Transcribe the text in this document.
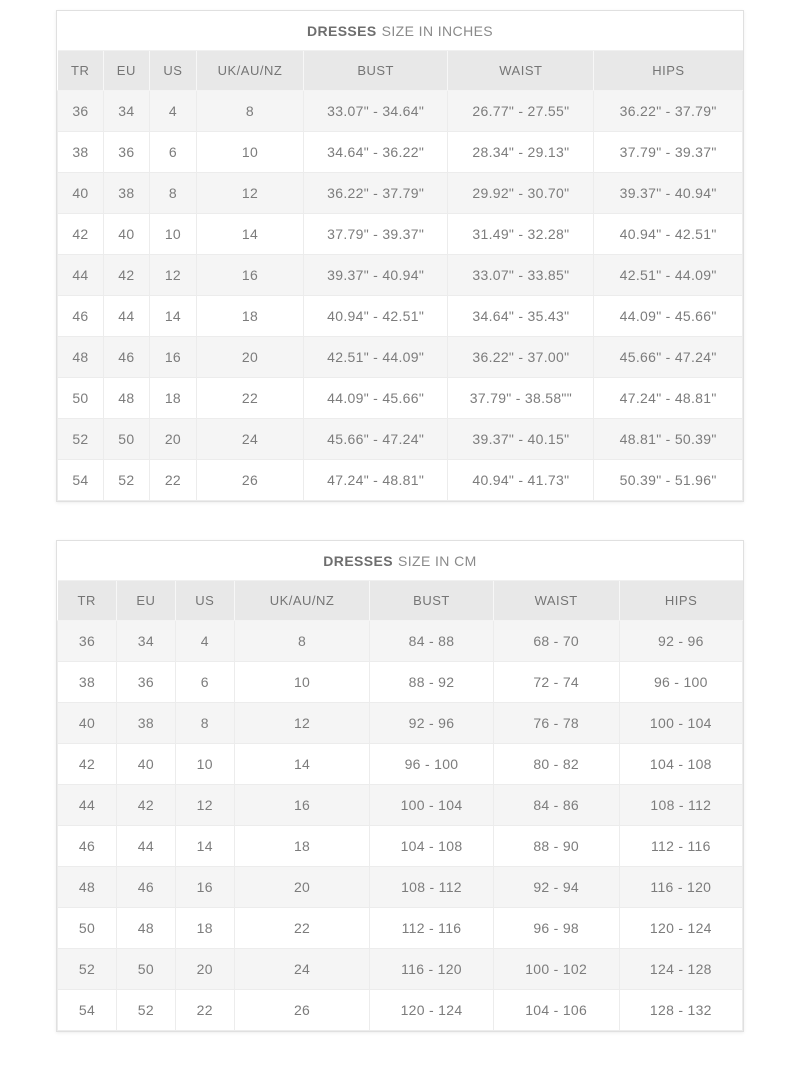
DRESSES SIZE IN INCHES
TR	EU	US	UK/AU/NZ	BUST	WAIST	HIPS
36	34	4	8	33.07" - 34.64"	26.77" - 27.55"	36.22" - 37.79"
38	36	6	10	34.64" - 36.22"	28.34" - 29.13"	37.79" - 39.37"
40	38	8	12	36.22" - 37.79"	29.92" - 30.70"	39.37" - 40.94"
42	40	10	14	37.79" - 39.37"	31.49" - 32.28"	40.94" - 42.51"
44	42	12	16	39.37" - 40.94"	33.07" - 33.85"	42.51" - 44.09"
46	44	14	18	40.94" - 42.51"	34.64" - 35.43"	44.09" - 45.66"
48	46	16	20	42.51" - 44.09"	36.22" - 37.00"	45.66" - 47.24"
50	48	18	22	44.09" - 45.66"	37.79" - 38.58""	47.24" - 48.81"
52	50	20	24	45.66" - 47.24"	39.37" - 40.15"	48.81" - 50.39"
54	52	22	26	47.24" - 48.81"	40.94" - 41.73"	50.39" - 51.96"
DRESSES SIZE IN CM
TR	EU	US	UK/AU/NZ	BUST	WAIST	HIPS
36	34	4	8	84 - 88	68 - 70	92 - 96
38	36	6	10	88 - 92	72 - 74	96 - 100
40	38	8	12	92 - 96	76 - 78	100 - 104
42	40	10	14	96 - 100	80 - 82	104 - 108
44	42	12	16	100 - 104	84 - 86	108 - 112
46	44	14	18	104 - 108	88 - 90	112 - 116
48	46	16	20	108 - 112	92 - 94	116 - 120
50	48	18	22	112 - 116	96 - 98	120 - 124
52	50	20	24	116 - 120	100 - 102	124 - 128
54	52	22	26	120 - 124	104 - 106	128 - 132
